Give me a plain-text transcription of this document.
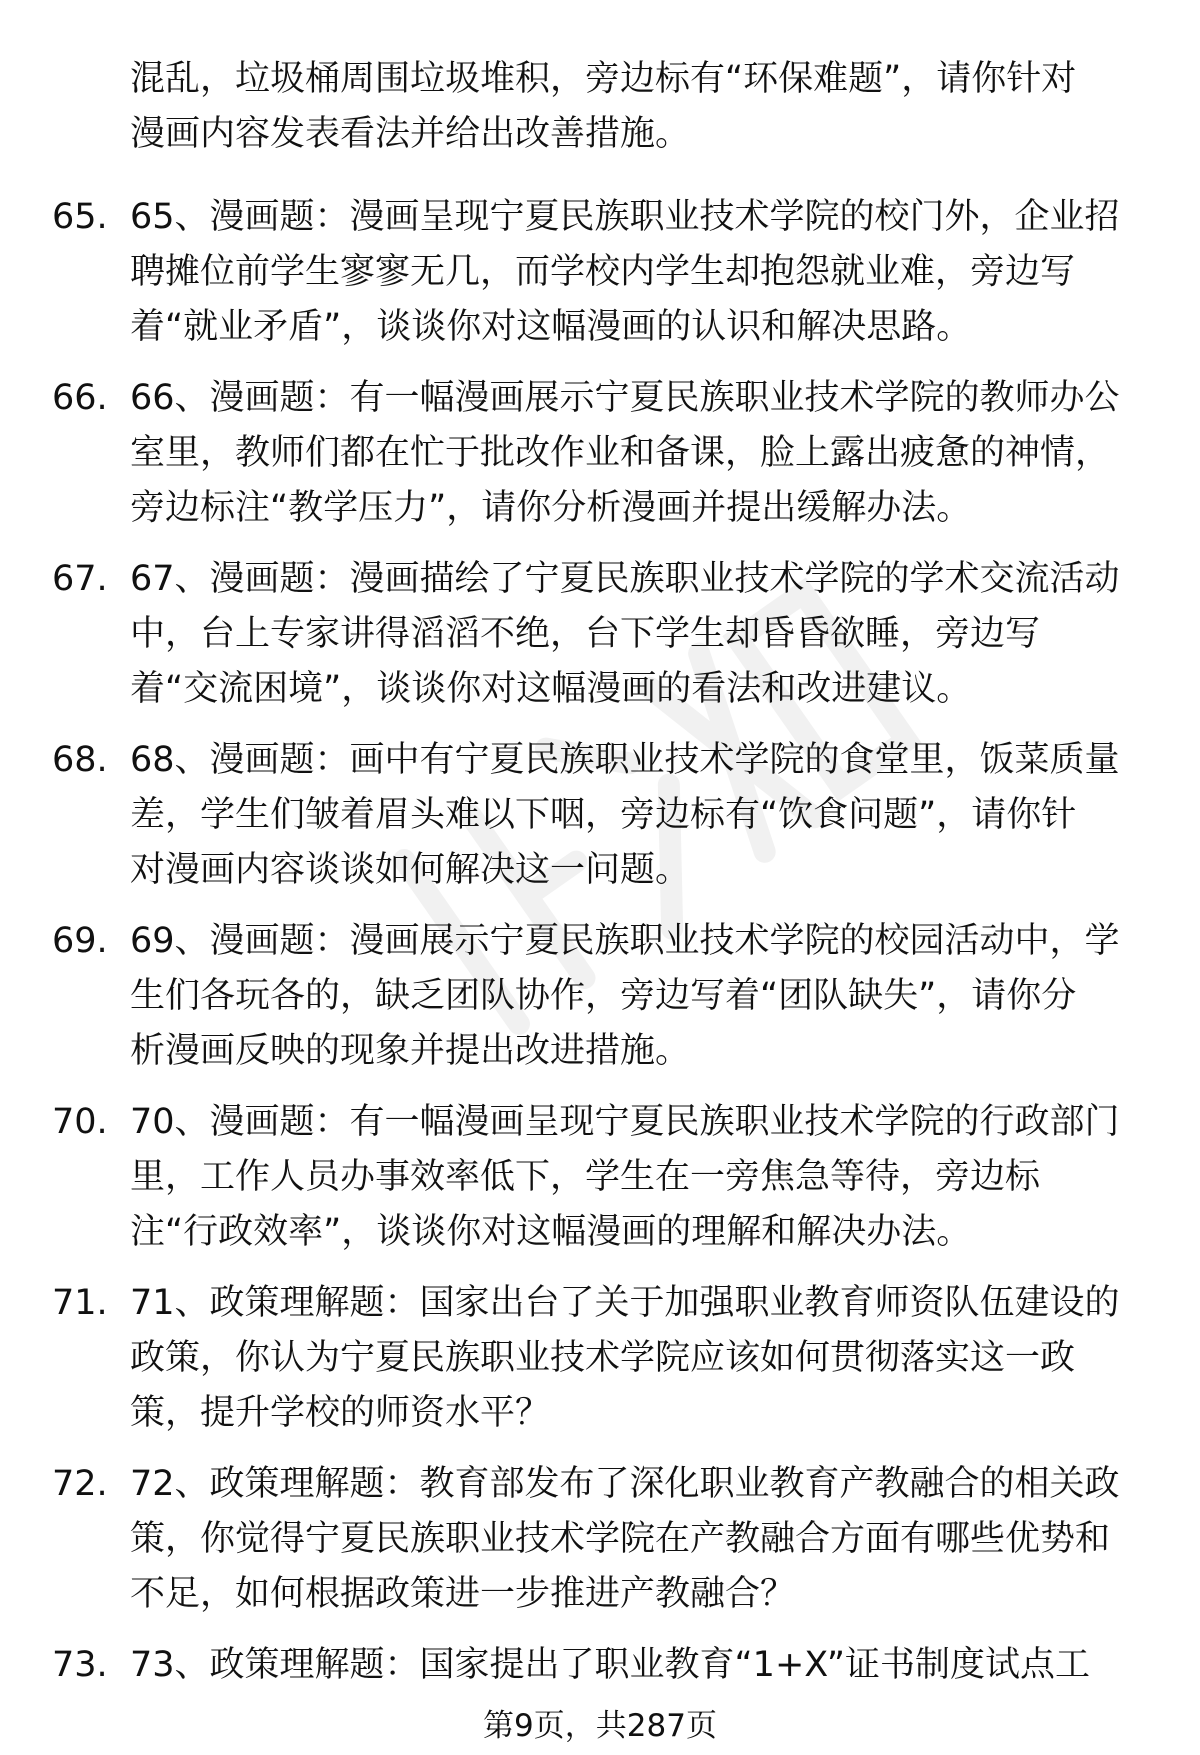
混乱，垃圾桶周围垃圾堆积，旁边标有“环保难题”，请你针对
漫画内容发表看法并给出改善措施。
65. 65、漫画题：漫画呈现宁夏民族职业技术学院的校门外，企业招
聘摊位前学生寥寥无几，而学校内学生却抱怨就业难，旁边写
着“就业矛盾”，谈谈你对这幅漫画的认识和解决思路。
66. 66、漫画题：有一幅漫画展示宁夏民族职业技术学院的教师办公
室里，教师们都在忙于批改作业和备课，脸上露出疲惫的神情，
旁边标注“教学压力”，请你分析漫画并提出缓解办法。
67. 67、漫画题：漫画描绘了宁夏民族职业技术学院的学术交流活动
中，台上专家讲得滔滔不绝，台下学生却昏昏欲睡，旁边写
着“交流困境”，谈谈你对这幅漫画的看法和改进建议。
68. 68、漫画题：画中有宁夏民族职业技术学院的食堂里，饭菜质量
差，学生们皱着眉头难以下咽，旁边标有“饮食问题”，请你针
对漫画内容谈谈如何解决这一问题。
69. 69、漫画题：漫画展示宁夏民族职业技术学院的校园活动中，学
生们各玩各的，缺乏团队协作，旁边写着“团队缺失”，请你分
析漫画反映的现象并提出改进措施。
70. 70、漫画题：有一幅漫画呈现宁夏民族职业技术学院的行政部门
里，工作人员办事效率低下，学生在一旁焦急等待，旁边标
注“行政效率”，谈谈你对这幅漫画的理解和解决办法。
71. 71、政策理解题：国家出台了关于加强职业教育师资队伍建设的
政策，你认为宁夏民族职业技术学院应该如何贯彻落实这一政
策，提升学校的师资水平？
72. 72、政策理解题：教育部发布了深化职业教育产教融合的相关政
策，你觉得宁夏民族职业技术学院在产教融合方面有哪些优势和
不足，如何根据政策进一步推进产教融合？
73. 73、政策理解题：国家提出了职业教育“1+X”证书制度试点工
第9页，共287页
